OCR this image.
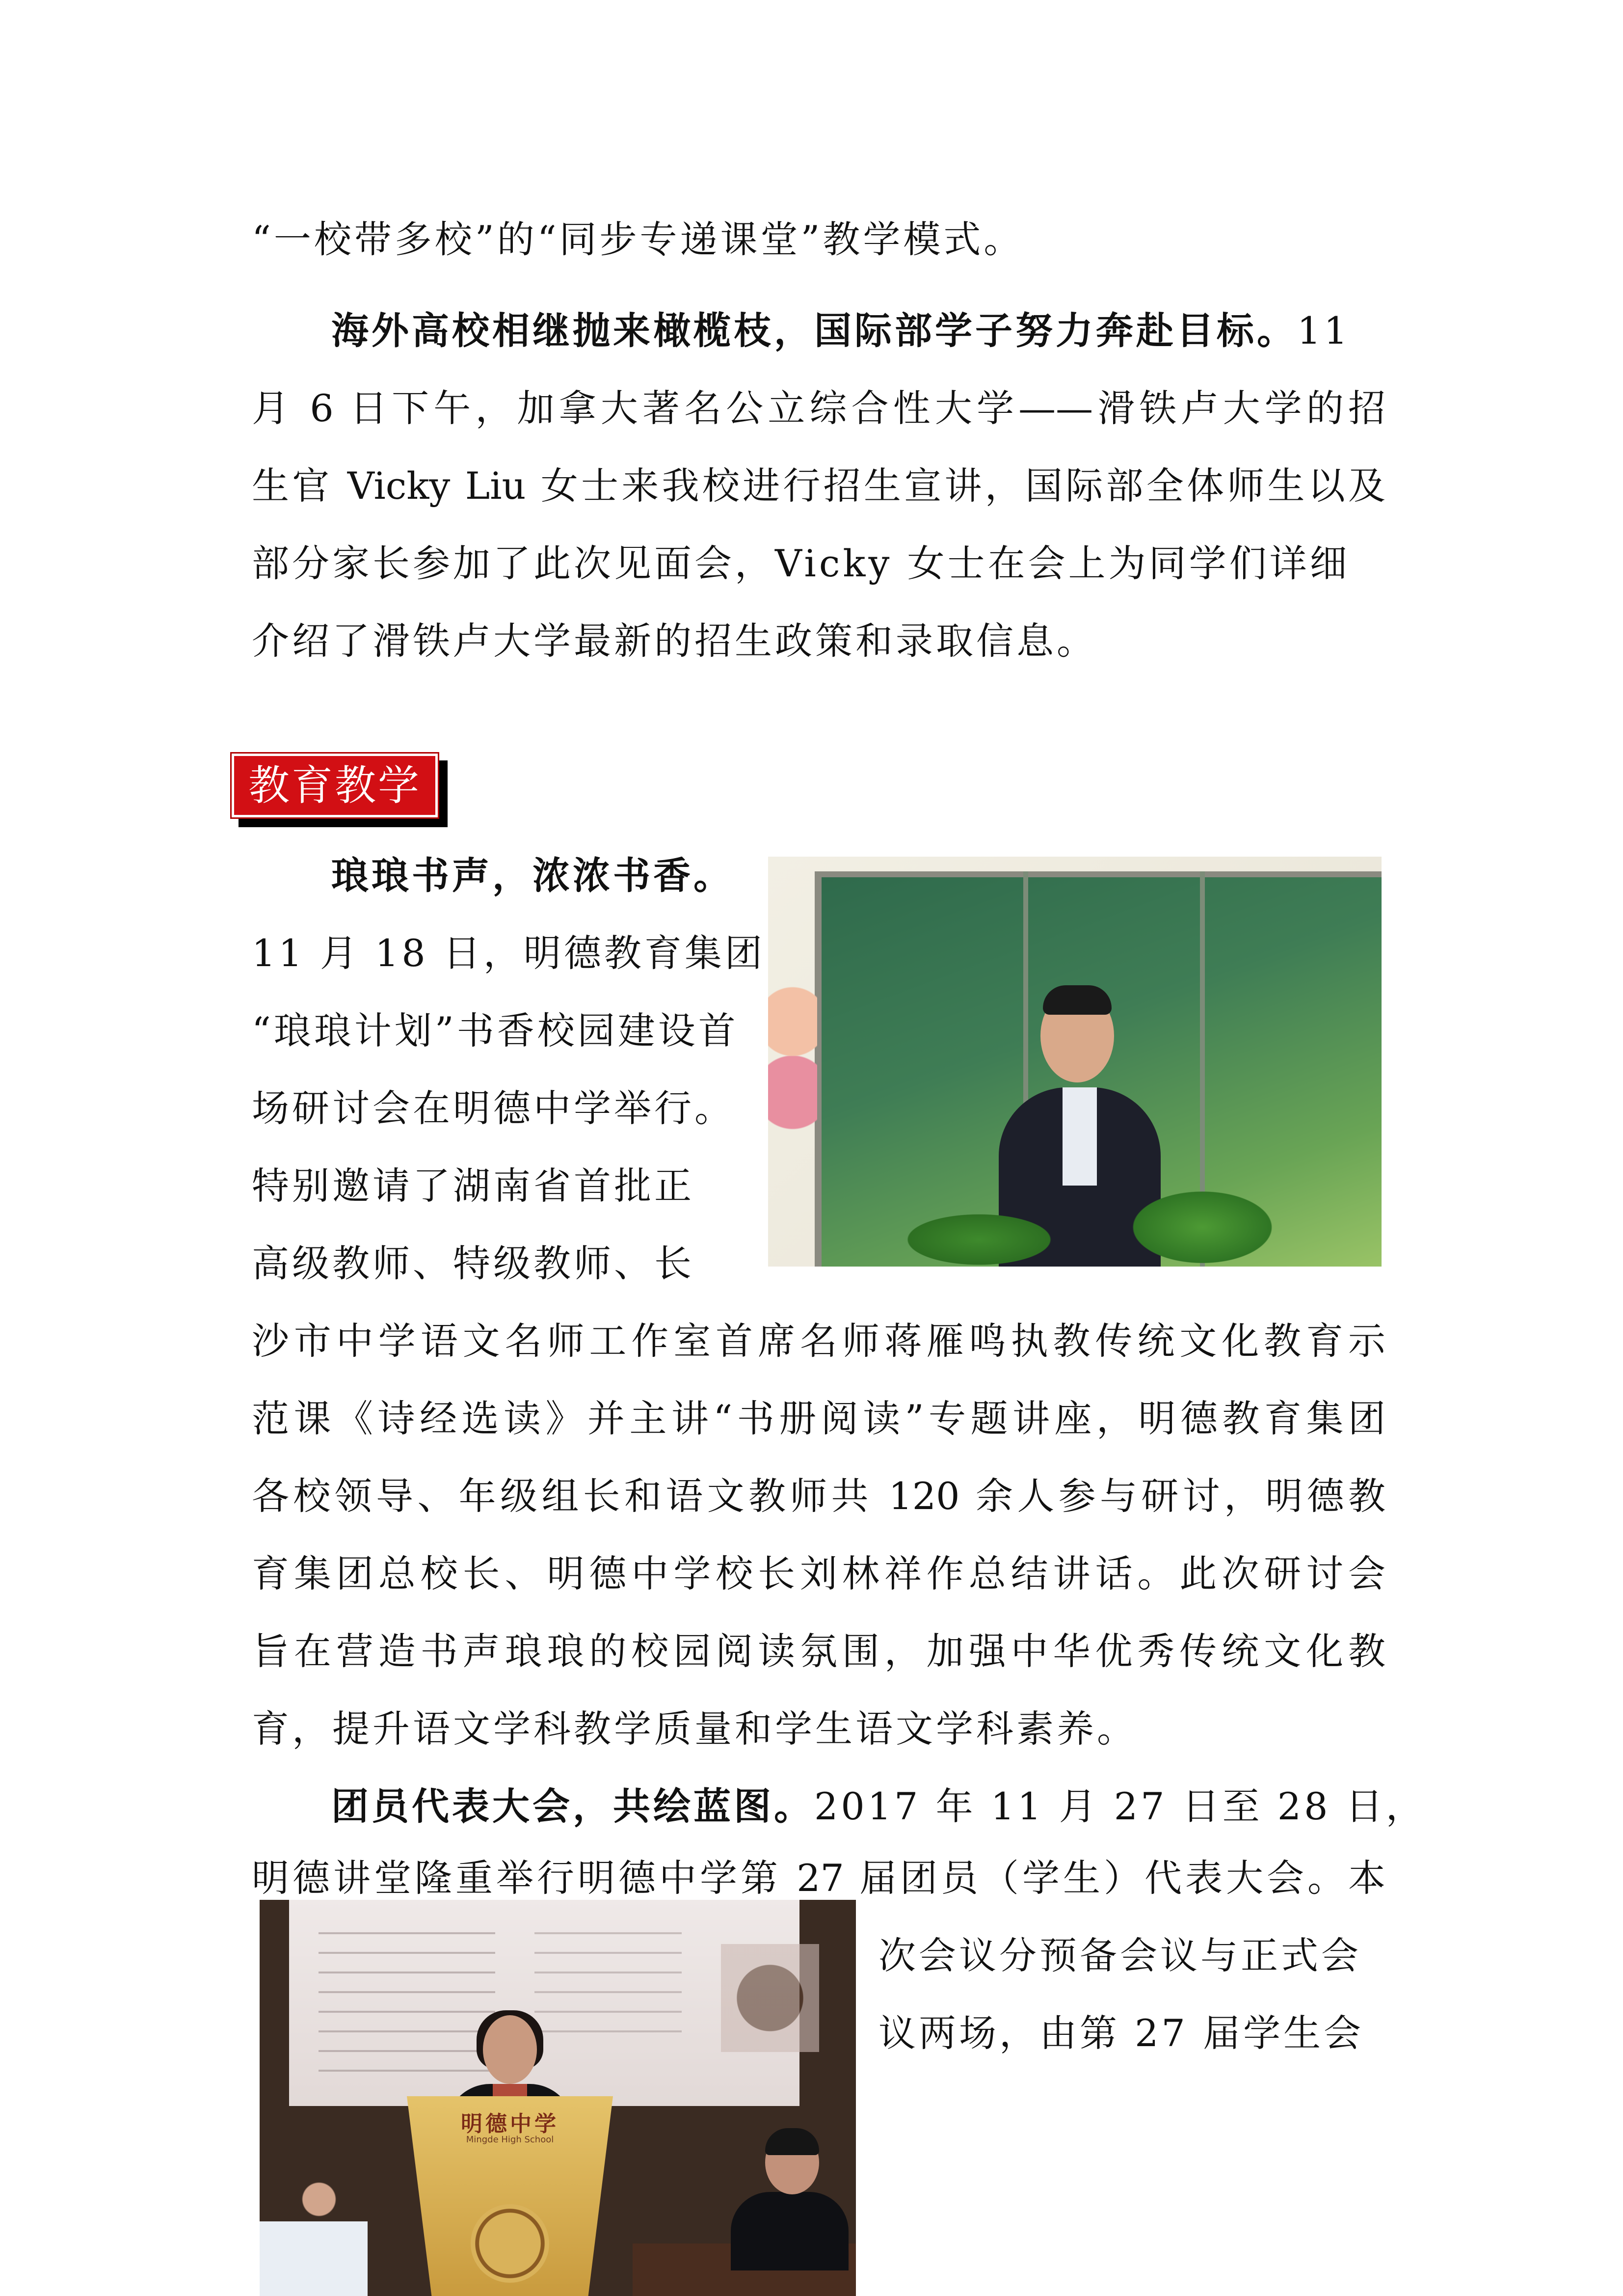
“一校带多校”的“同步专递课堂”教学模式。

海外高校相继抛来橄榄枝，国际部学子努力奔赴目标。11

月 6 日下午，加拿大著名公立综合性大学——滑铁卢大学的招

生官 Vicky Liu 女士来我校进行招生宣讲，国际部全体师生以及

部分家长参加了此次见面会，Vicky 女士在会上为同学们详细

介绍了滑铁卢大学最新的招生政策和录取信息。

教育教学

琅琅书声，浓浓书香。

11 月 18 日，明德教育集团

“琅琅计划”书香校园建设首

场研讨会在明德中学举行。

特别邀请了湖南省首批正

高级教师、特级教师、长

沙市中学语文名师工作室首席名师蒋雁鸣执教传统文化教育示

范课《诗经选读》并主讲“书册阅读”专题讲座，明德教育集团

各校领导、年级组长和语文教师共 120 余人参与研讨，明德教

育集团总校长、明德中学校长刘林祥作总结讲话。此次研讨会

旨在营造书声琅琅的校园阅读氛围，加强中华优秀传统文化教

育，提升语文学科教学质量和学生语文学科素养。

团员代表大会，共绘蓝图。2017 年 11 月 27 日至 28 日，

明德讲堂隆重举行明德中学第 27 届团员（学生）代表大会。本

次会议分预备会议与正式会

议两场，由第 27 届学生会

明德中学
Mingde High School
